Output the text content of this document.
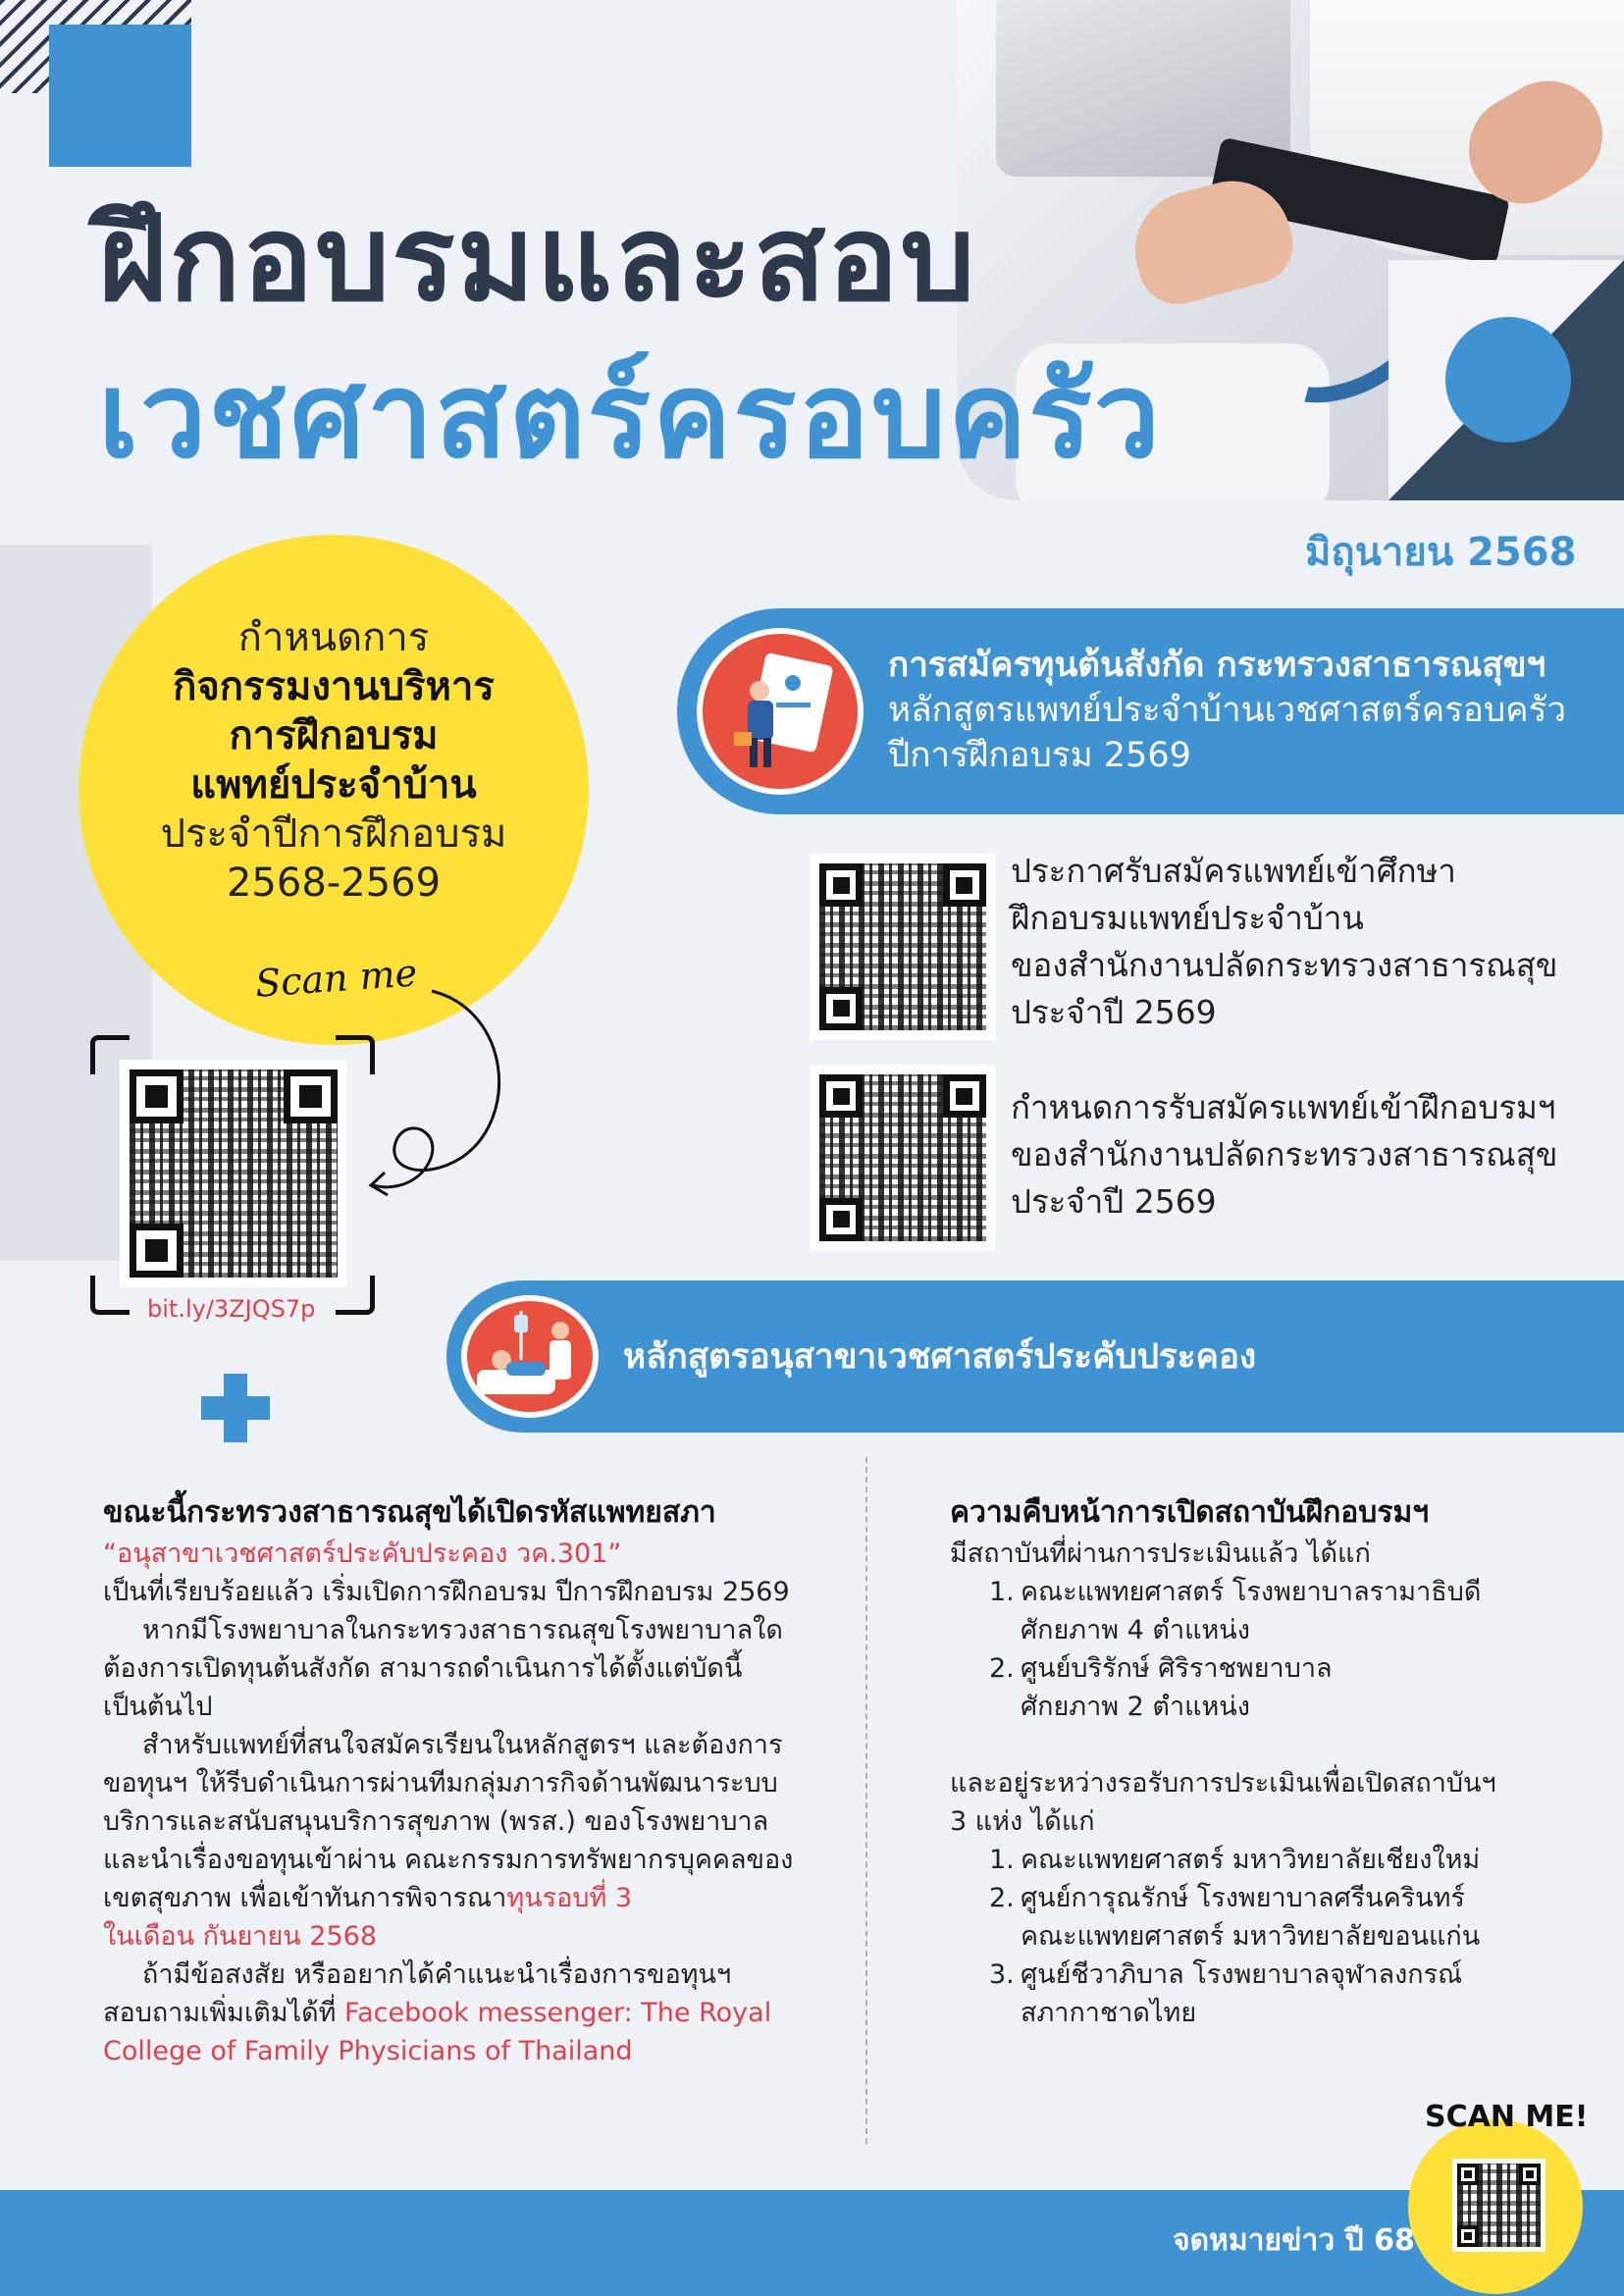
ฝึกอบรมและสอบ
เวชศาสตร์ครอบครัว
มิถุนายน 2568
กำหนดการ
กิจกรรมงานบริหาร
การฝึกอบรม
แพทย์ประจำบ้าน
ประจำปีการฝึกอบรม
2568-2569
Scan me
bit.ly/3ZJQS7p
การสมัครทุนต้นสังกัด กระทรวงสาธารณสุขฯ
หลักสูตรแพทย์ประจำบ้านเวชศาสตร์ครอบครัว
ปีการฝึกอบรม 2569
ประกาศรับสมัครแพทย์เข้าศึกษา
ฝึกอบรมแพทย์ประจำบ้าน
ของสำนักงานปลัดกระทรวงสาธารณสุข
ประจำปี 2569
กำหนดการรับสมัครแพทย์เข้าฝึกอบรมฯ
ของสำนักงานปลัดกระทรวงสาธารณสุข
ประจำปี 2569
หลักสูตรอนุสาขาเวชศาสตร์ประคับประคอง
ขณะนี้กระทรวงสาธารณสุขได้เปิดรหัสแพทยสภา
“อนุสาขาเวชศาสตร์ประคับประคอง วค.301”
เป็นที่เรียบร้อยแล้ว เริ่มเปิดการฝึกอบรม ปีการฝึกอบรม 2569
หากมีโรงพยาบาลในกระทรวงสาธารณสุขโรงพยาบาลใด
ต้องการเปิดทุนต้นสังกัด สามารถดำเนินการได้ตั้งแต่บัดนี้
เป็นต้นไป
สำหรับแพทย์ที่สนใจสมัครเรียนในหลักสูตรฯ และต้องการ
ขอทุนฯ ให้รีบดำเนินการผ่านทีมกลุ่มภารกิจด้านพัฒนาระบบ
บริการและสนับสนุนบริการสุขภาพ (พรส.) ของโรงพยาบาล
และนำเรื่องขอทุนเข้าผ่าน คณะกรรมการทรัพยากรบุคคลของ
เขตสุขภาพ เพื่อเข้าทันการพิจารณาทุนรอบที่ 3
ในเดือน กันยายน 2568
ถ้ามีข้อสงสัย หรืออยากได้คำแนะนำเรื่องการขอทุนฯ
สอบถามเพิ่มเติมได้ที่ Facebook messenger: The Royal
College of Family Physicians of Thailand
ความคืบหน้าการเปิดสถาบันฝึกอบรมฯ
มีสถาบันที่ผ่านการประเมินแล้ว ได้แก่
1. คณะแพทยศาสตร์ โรงพยาบาลรามาธิบดี
ศักยภาพ 4 ตำแหน่ง
2. ศูนย์บริรักษ์ ศิริราชพยาบาล
ศักยภาพ 2 ตำแหน่ง
และอยู่ระหว่างรอรับการประเมินเพื่อเปิดสถาบันฯ
3 แห่ง ได้แก่
1. คณะแพทยศาสตร์ มหาวิทยาลัยเชียงใหม่
2. ศูนย์การุณรักษ์ โรงพยาบาลศรีนครินทร์
คณะแพทยศาสตร์ มหาวิทยาลัยขอนแก่น
3. ศูนย์ชีวาภิบาล โรงพยาบาลจุฬาลงกรณ์
สภากาชาดไทย
จดหมายข่าว ปี 68
SCAN ME!
